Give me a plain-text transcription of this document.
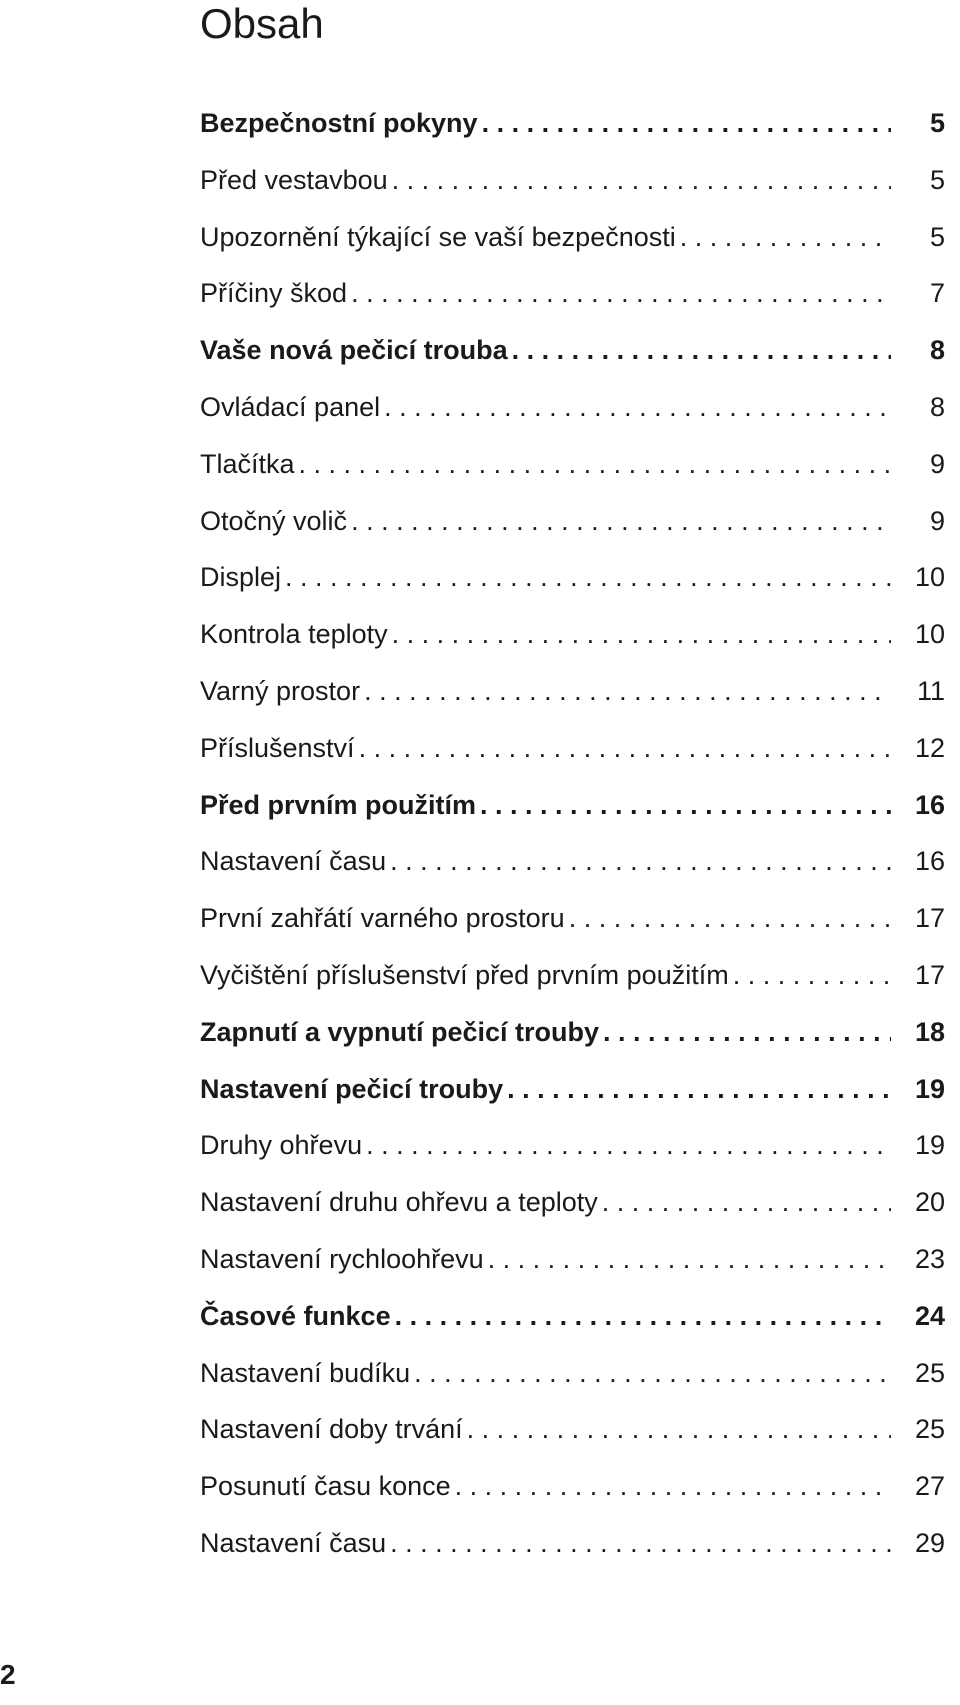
Obsah
Bezpečnostní pokyny . . .	5
Před vestavbou . . .	5
Upozornění týkající se vaší bezpečnosti . . .	5
Příčiny škod . . .	7
Vaše nová pečicí trouba . . .	8
Ovládací panel . . .	8
Tlačítka . . .	9
Otočný volič . . .	9
Displej . . .	10
Kontrola teploty . . .	10
Varný prostor . . .	11
Příslušenství . . .	12
Před prvním použitím . . .	16
Nastavení času . . .	16
První zahřátí varného prostoru . . .	17
Vyčištění příslušenství před prvním použitím . . .	17
Zapnutí a vypnutí pečicí trouby . . .	18
Nastavení pečicí trouby . . .	19
Druhy ohřevu . . .	19
Nastavení druhu ohřevu a teploty . . .	20
Nastavení rychloohřevu . . .	23
Časové funkce . . .	24
Nastavení budíku . . .	25
Nastavení doby trvání . . .	25
Posunutí času konce . . .	27
Nastavení času . . .	29
2
